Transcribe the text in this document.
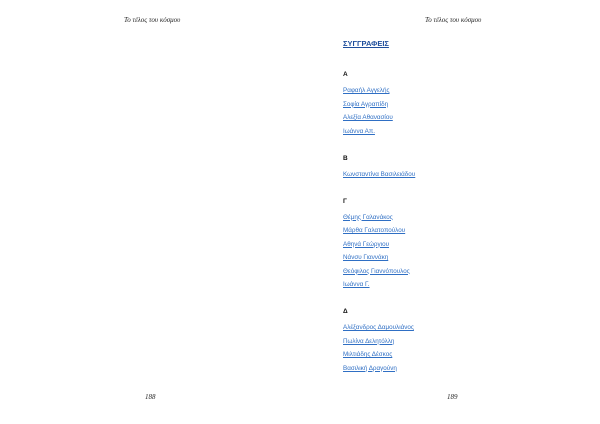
Το τέλος του κόσμου
188
Το τέλος του κόσμου
ΣΥΓΓΡΑΦΕΙΣ
Α
Ραφαήλ Αγγελής
Σοφία Αγραπίδη
Αλεξία Αθανασίου
Ιωάννα Απ.
Β
Κωνσταντίνα Βασιλειάδου
Γ
Θέμης Γαλανάκος
Μάρθα Γαλατοπούλου
Αθηνά Γεώργιου
Νάνσυ Γιαννάκη
Θεόφιλος Γιαννόπουλος
Ιωάννα Γ.
Δ
Αλέξανδρος Δαμουλιάνος
Πωλίνα Δελητόλλη
Μιλτιάδης Δέσκος
Βασιλική Δραγούνη
189
